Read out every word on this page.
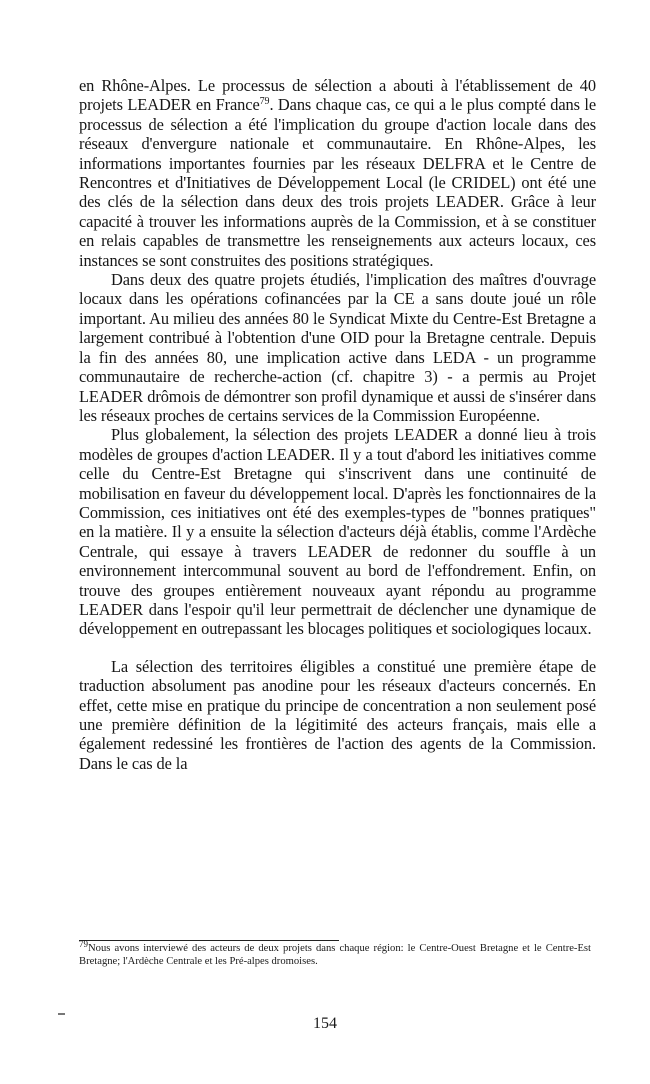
en Rhône-Alpes. Le processus de sélection a abouti à l'établissement de 40 projets LEADER en France$^{79}$. Dans chaque cas, ce qui a le plus compté dans le processus de sélection a été l'implication du groupe d'action locale dans des réseaux d'envergure nationale et communautaire. En Rhône-Alpes, les informations importantes fournies par les réseaux DELFRA et le Centre de Rencontres et d'Initiatives de Développement Local (le CRIDEL) ont été une des clés de la sélection dans deux des trois projets LEADER. Grâce à leur capacité à trouver les informations auprès de la Commission, et à se constituer en relais capables de transmettre les renseignements aux acteurs locaux, ces instances se sont construites des positions stratégiques.

Dans deux des quatre projets étudiés, l'implication des maîtres d'ouvrage locaux dans les opérations cofinancées par la CE a sans doute joué un rôle important. Au milieu des années 80 le Syndicat Mixte du Centre-Est Bretagne a largement contribué à l'obtention d'une OID pour la Bretagne centrale. Depuis la fin des années 80, une implication active dans LEDA - un programme communautaire de recherche-action (cf. chapitre 3) - a permis au Projet LEADER drômois de démontrer son profil dynamique et aussi de s'insérer dans les réseaux proches de certains services de la Commission Européenne.

Plus globalement, la sélection des projets LEADER a donné lieu à trois modèles de groupes d'action LEADER. Il y a tout d'abord les initiatives comme celle du Centre-Est Bretagne qui s'inscrivent dans une continuité de mobilisation en faveur du développement local. D'après les fonctionnaires de la Commission, ces initiatives ont été des exemples-types de "bonnes pratiques" en la matière. Il y a ensuite la sélection d'acteurs déjà établis, comme l'Ardèche Centrale, qui essaye à travers LEADER de redonner du souffle à un environnement intercommunal souvent au bord de l'effondrement. Enfin, on trouve des groupes entièrement nouveaux ayant répondu au programme LEADER dans l'espoir qu'il leur permettrait de déclencher une dynamique de développement en outrepassant les blocages politiques et sociologiques locaux.

La sélection des territoires éligibles a constitué une première étape de traduction absolument pas anodine pour les réseaux d'acteurs concernés. En effet, cette mise en pratique du principe de concentration a non seulement posé une première définition de la légitimité des acteurs français, mais elle a également redessiné les frontières de l'action des agents de la Commission. Dans le cas de la

$^{79}$Nous avons interviewé des acteurs de deux projets dans chaque région: le Centre-Ouest Bretagne et le Centre-Est Bretagne; l'Ardèche Centrale et les Pré-alpes dromoises.
154
